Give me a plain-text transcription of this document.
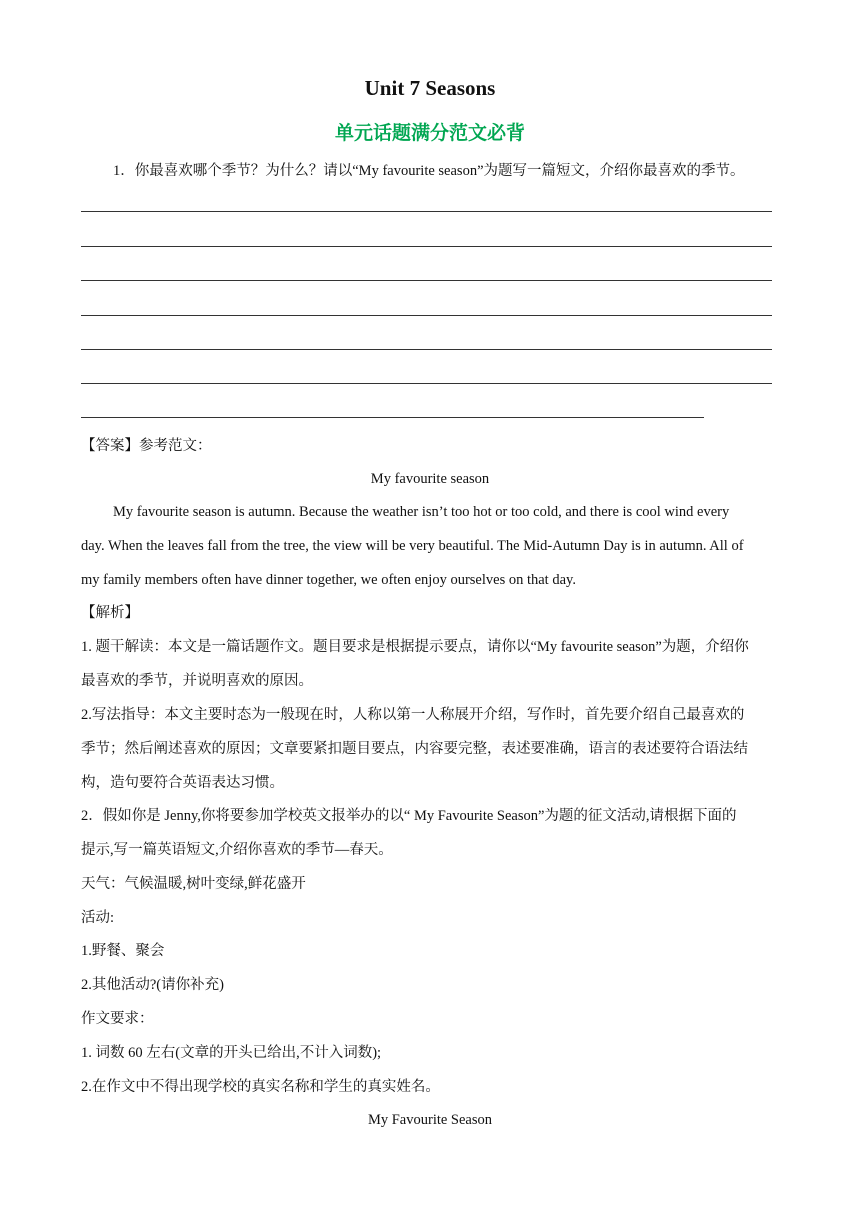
Unit 7 Seasons
单元话题满分范文必背
1．你最喜欢哪个季节？为什么？请以“My favourite season”为题写一篇短文，介绍你最喜欢的季节。
【答案】参考范文：
My favourite season
My favourite season is autumn. Because the weather isn’t too hot or too cold, and there is cool wind every
day. When the leaves fall from the tree, the view will be very beautiful. The Mid-Autumn Day is in autumn. All of
my family members often have dinner together, we often enjoy ourselves on that day.
【解析】
1. 题干解读：本文是一篇话题作文。题目要求是根据提示要点，请你以“My favourite season”为题，介绍你
最喜欢的季节，并说明喜欢的原因。
2.写法指导：本文主要时态为一般现在时，人称以第一人称展开介绍，写作时，首先要介绍自己最喜欢的
季节；然后阐述喜欢的原因；文章要紧扣题目要点，内容要完整，表述要准确，语言的表述要符合语法结
构，造句要符合英语表达习惯。
2．假如你是 Jenny,你将要参加学校英文报举办的以“ My Favourite Season”为题的征文活动,请根据下面的
提示,写一篇英语短文,介绍你喜欢的季节—春天。
天气：气候温暖,树叶变绿,鲜花盛开
活动:
1.野餐、聚会
2.其他活动?(请你补充)
作文要求：
1. 词数 60 左右(文章的开头已给出,不计入词数);
2.在作文中不得出现学校的真实名称和学生的真实姓名。
My Favourite Season
